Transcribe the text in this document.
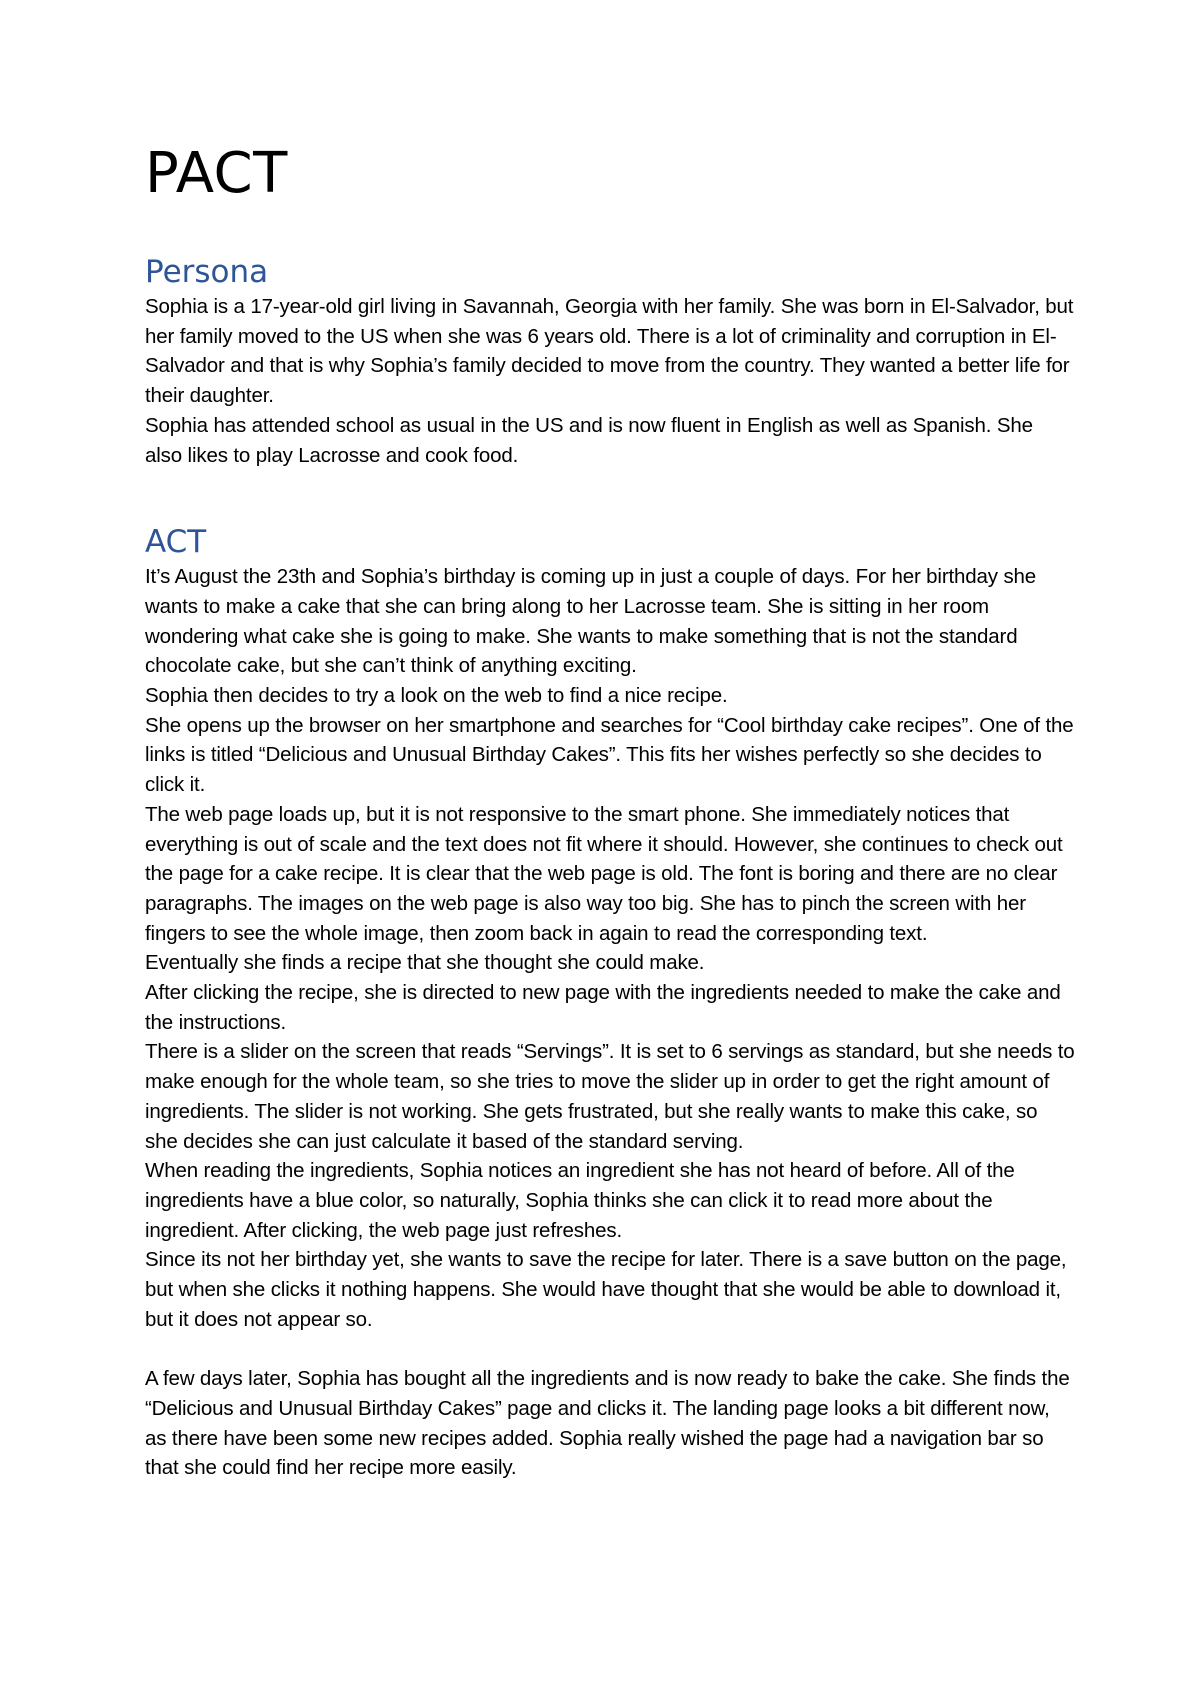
PACT
Persona

Sophia is a 17-year-old girl living in Savannah, Georgia with her family. She was born in El-Salvador, but her family moved to the US when she was 6 years old. There is a lot of criminality and corruption in El-Salvador and that is why Sophia’s family decided to move from the country. They wanted a better life for their daughter.

Sophia has attended school as usual in the US and is now fluent in English as well as Spanish. She also likes to play Lacrosse and cook food.

ACT

It’s August the 23th and Sophia’s birthday is coming up in just a couple of days. For her birthday she wants to make a cake that she can bring along to her Lacrosse team. She is sitting in her room wondering what cake she is going to make. She wants to make something that is not the standard chocolate cake, but she can’t think of anything exciting.

Sophia then decides to try a look on the web to find a nice recipe.

She opens up the browser on her smartphone and searches for “Cool birthday cake recipes”. One of the links is titled “Delicious and Unusual Birthday Cakes”. This fits her wishes perfectly so she decides to click it.

The web page loads up, but it is not responsive to the smart phone. She immediately notices that everything is out of scale and the text does not fit where it should. However, she continues to check out the page for a cake recipe. It is clear that the web page is old. The font is boring and there are no clear paragraphs. The images on the web page is also way too big. She has to pinch the screen with her fingers to see the whole image, then zoom back in again to read the corresponding text.

Eventually she finds a recipe that she thought she could make.

After clicking the recipe, she is directed to new page with the ingredients needed to make the cake and the instructions.

There is a slider on the screen that reads “Servings”. It is set to 6 servings as standard, but she needs to make enough for the whole team, so she tries to move the slider up in order to get the right amount of ingredients. The slider is not working. She gets frustrated, but she really wants to make this cake, so she decides she can just calculate it based of the standard serving.

When reading the ingredients, Sophia notices an ingredient she has not heard of before. All of the ingredients have a blue color, so naturally, Sophia thinks she can click it to read more about the ingredient. After clicking, the web page just refreshes.

Since its not her birthday yet, she wants to save the recipe for later. There is a save button on the page, but when she clicks it nothing happens. She would have thought that she would be able to download it, but it does not appear so.

A few days later, Sophia has bought all the ingredients and is now ready to bake the cake. She finds the “Delicious and Unusual Birthday Cakes” page and clicks it. The landing page looks a bit different now, as there have been some new recipes added. Sophia really wished the page had a navigation bar so that she could find her recipe more easily.
